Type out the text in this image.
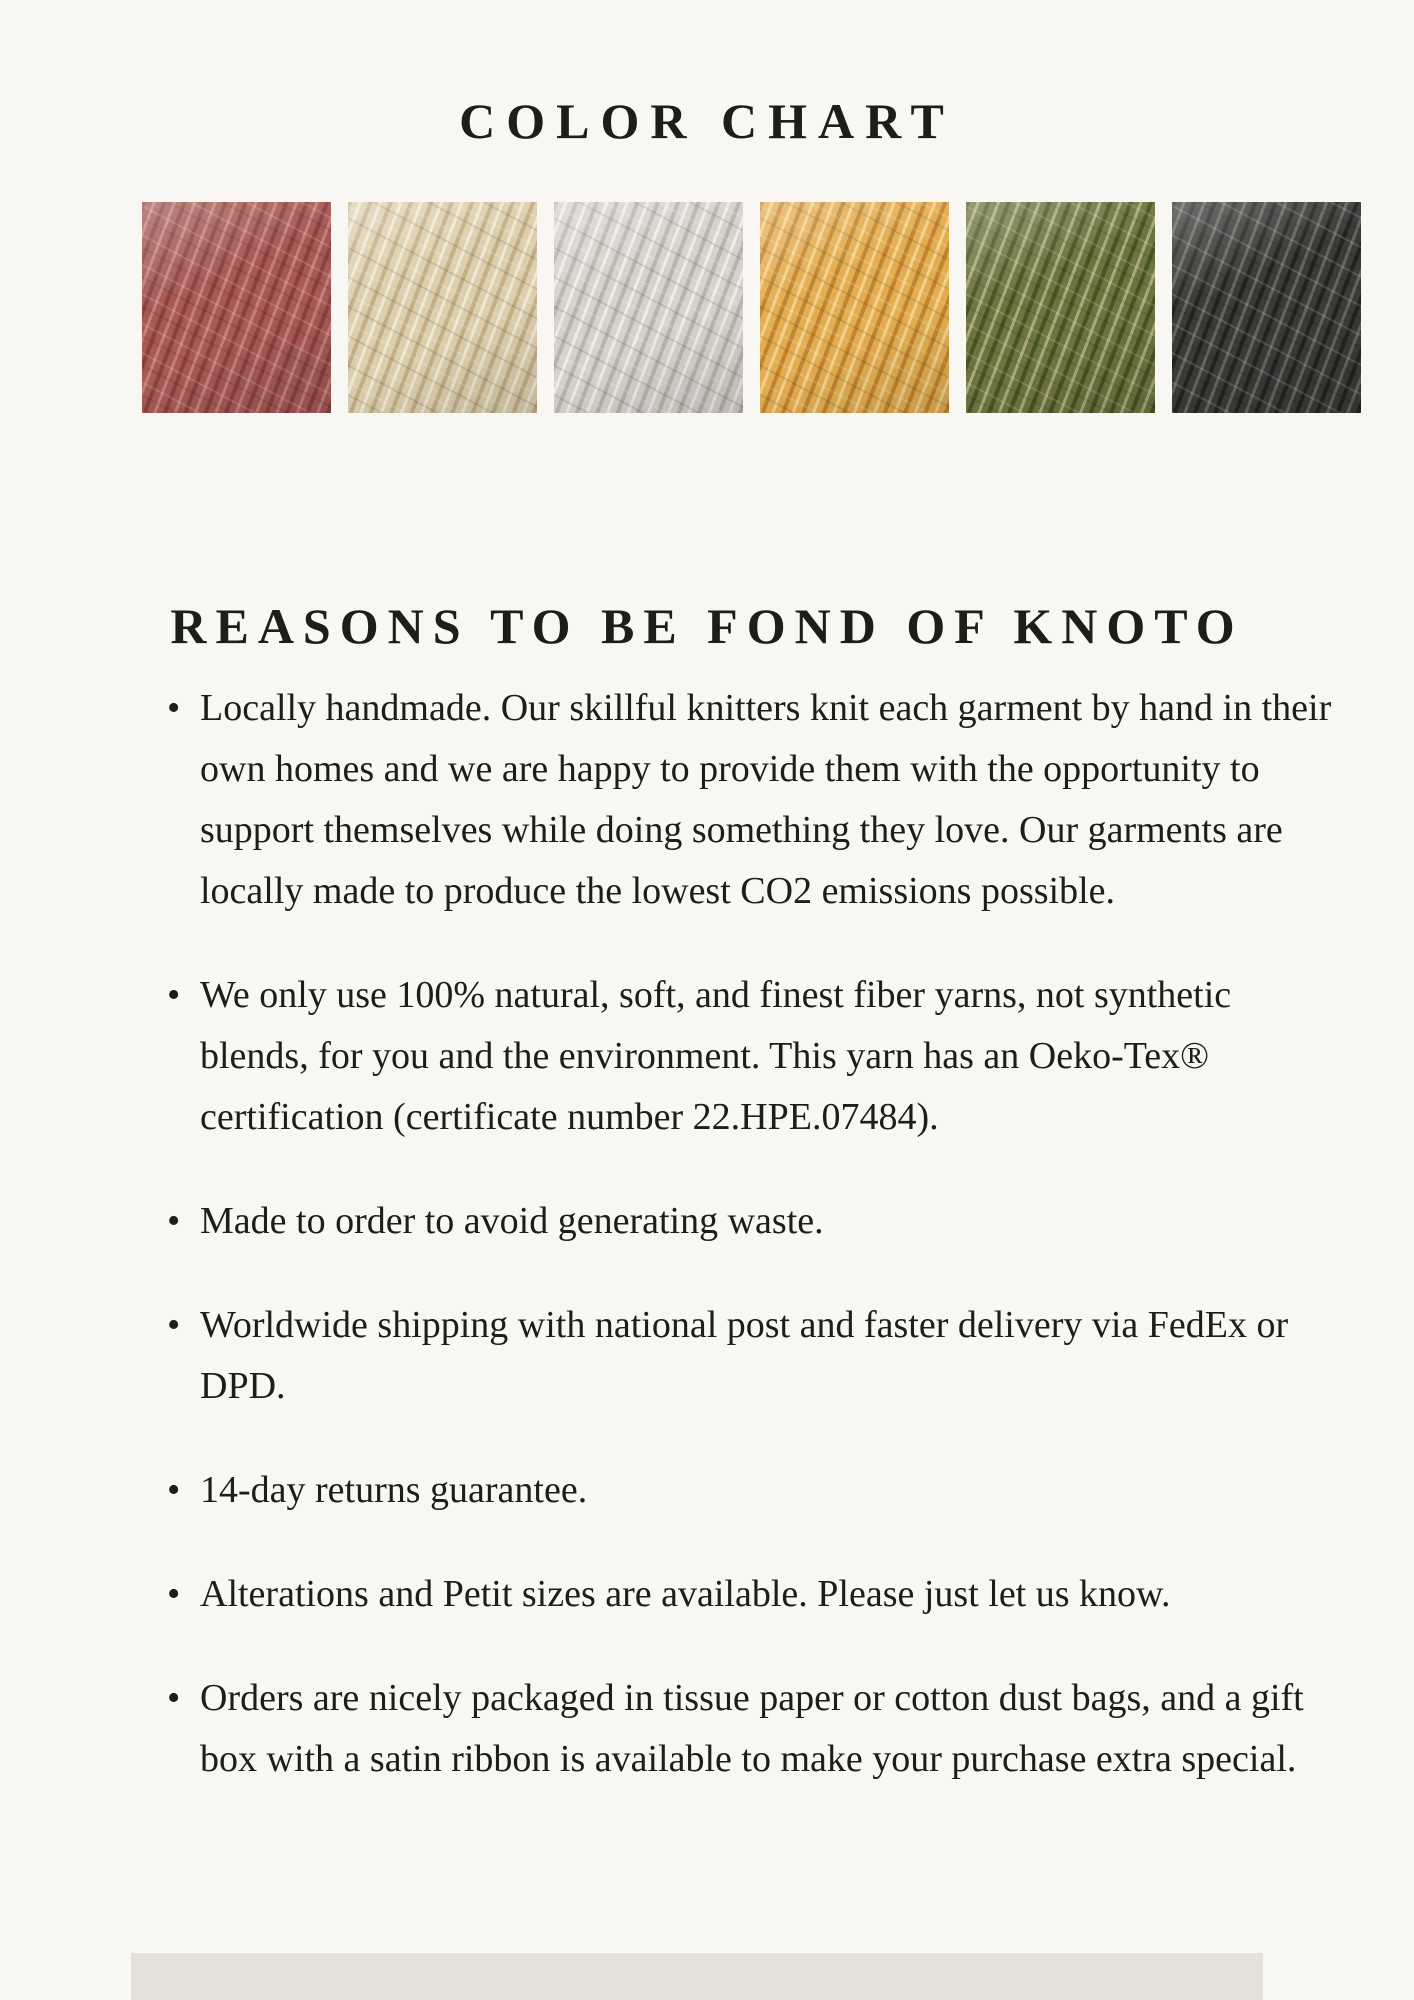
COLOR CHART
REASONS TO BE FOND OF KNOTO
• Locally handmade. Our skillful knitters knit each garment by hand in their own homes and we are happy to provide them with the opportunity to support themselves while doing something they love. Our garments are locally made to produce the lowest CO2 emissions possible.
• We only use 100% natural, soft, and finest fiber yarns, not synthetic blends, for you and the environment. This yarn has an Oeko-Tex® certification (certificate number 22.HPE.07484).
• Made to order to avoid generating waste.
• Worldwide shipping with national post and faster delivery via FedEx or DPD.
• 14-day returns guarantee.
• Alterations and Petit sizes are available. Please just let us know.
• Orders are nicely packaged in tissue paper or cotton dust bags, and a gift box with a satin ribbon is available to make your purchase extra special.
